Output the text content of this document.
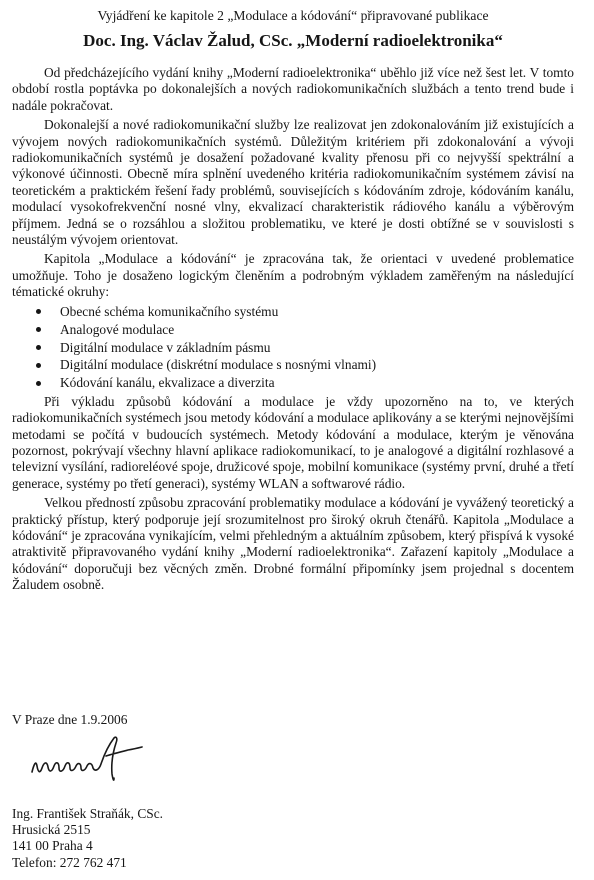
Vyjádření ke kapitole 2 „Modulace a kódování“ připravované publikace

Doc. Ing. Václav Žalud, CSc. „Moderní radioelektronika“

Od předcházejícího vydání knihy „Moderní radioelektronika“ uběhlo již více než šest let. V tomto období rostla poptávka po dokonalejších a nových radiokomunikačních službách a tento trend bude i nadále pokračovat.

Dokonalejší a nové radiokomunikační služby lze realizovat jen zdokonalováním již existujících a vývojem nových radiokomunikačních systémů. Důležitým kritériem při zdokonalování a vývoji radiokomunikačních systémů je dosažení požadované kvality přenosu při co nejvyšší spektrální a výkonové účinnosti. Obecně míra splnění uvedeného kritéria radiokomunikačním systémem závisí na teoretickém a praktickém řešení řady problémů, souvisejících s kódováním zdroje, kódováním kanálu, modulací vysokofrekvenční nosné vlny, ekvalizací charakteristik rádiového kanálu a výběrovým příjmem. Jedná se o rozsáhlou a složitou problematiku, ve které je dosti obtížné se v souvislosti s neustálým vývojem orientovat.

Kapitola „Modulace a kódování“ je zpracována tak, že orientaci v uvedené problematice umožňuje. Toho je dosaženo logickým členěním a podrobným výkladem zaměřeným na následující tématické okruhy:

Obecné schéma komunikačního systému
Analogové modulace
Digitální modulace v základním pásmu
Digitální modulace (diskrétní modulace s nosnými vlnami)
Kódování kanálu, ekvalizace a diverzita

Při výkladu způsobů kódování a modulace je vždy upozorněno na to, ve kterých radiokomunikačních systémech jsou metody kódování a modulace aplikovány a se kterými nejnovějšími metodami se počítá v budoucích systémech. Metody kódování a modulace, kterým je věnována pozornost, pokrývají všechny hlavní aplikace radiokomunikací, to je analogové a digitální rozhlasové a televizní vysílání, radioreléové spoje, družicové spoje, mobilní komunikace (systémy první, druhé a třetí generace, systémy po třetí generaci), systémy WLAN a softwarové rádio.

Velkou předností způsobu zpracování problematiky modulace a kódování je vyvážený teoretický a praktický přístup, který podporuje její srozumitelnost pro široký okruh čtenářů. Kapitola „Modulace a kódování“ je zpracována vynikajícím, velmi přehledným a aktuálním způsobem, který přispívá k vysoké atraktivitě připravovaného vydání knihy „Moderní radioelektronika“. Zařazení kapitoly „Modulace a kódování“ doporučuji bez věcných změn. Drobné formální připomínky jsem projednal s docentem Žaludem osobně.

V Praze dne 1.9.2006

Ing. František Straňák, CSc.
Hrusická 2515
141 00 Praha 4
Telefon: 272 762 471
